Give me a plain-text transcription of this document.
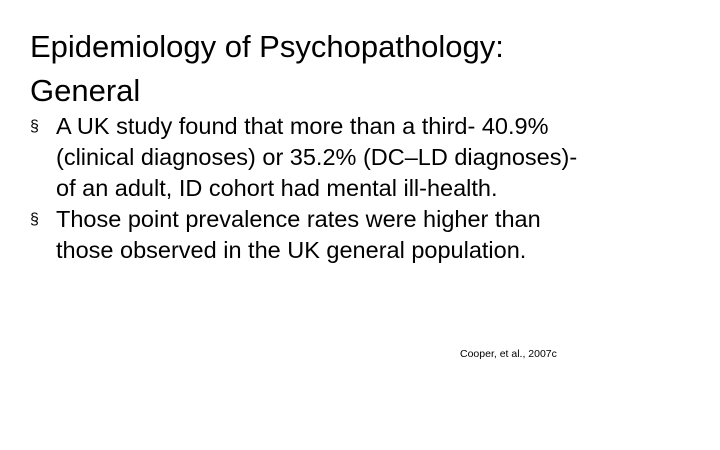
Epidemiology of Psychopathology:
General
§ A UK study found that more than a third- 40.9%
(clinical diagnoses) or 35.2% (DC–LD diagnoses)-
of an adult, ID cohort had mental ill-health.
§ Those point prevalence rates were higher than
those observed in the UK general population.
Cooper, et al., 2007c
